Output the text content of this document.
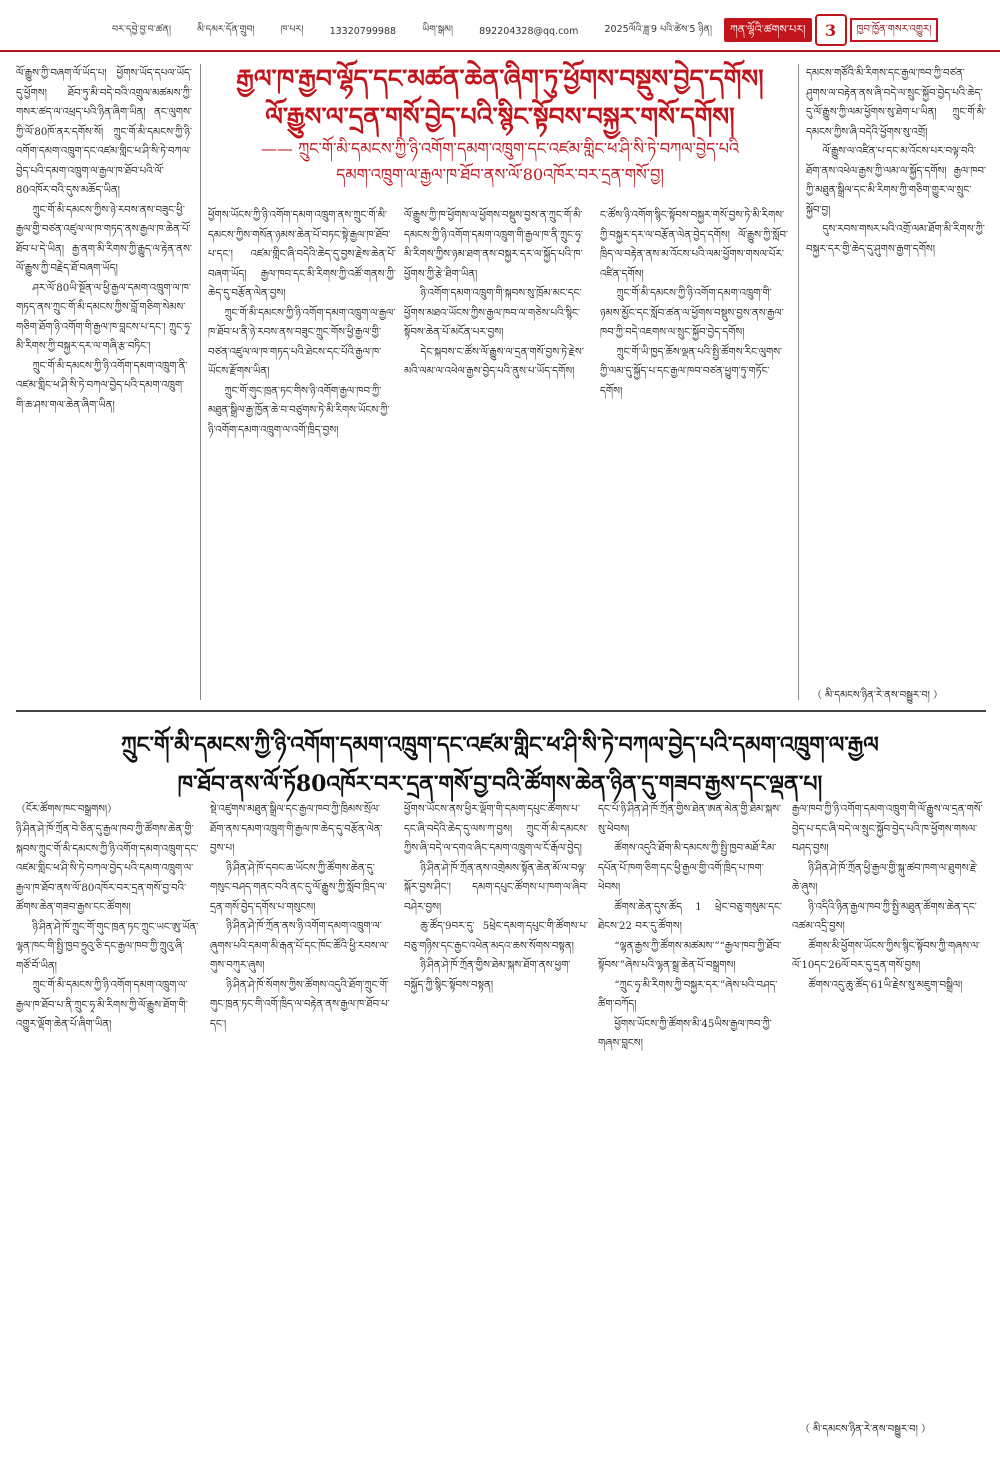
བར་དབྱེ་བྱ་བ་ཚན།	མི་དམར་དོན་གྲུབ།	ཁ་པར།	13320799988	ཡིག་སྒམ།	892204328@qq.com	2025ལོའི་ཟླ་9 པའི་ཚེས་5 ཉིན།	ཀན་ལྷོའི་ཚགས་པར།	3	ཁྱབ་ཁྱོན་གསར་འགྱུར།
རྒྱལ་ཁ་རྒྱབ་ལྷོད་དང་མཚན་ཆེན་ཞིག་ཏུ་ཕྱོགས་བསྡུས་བྱེད་དགོས།
ལོ་རྒྱུས་ལ་དྲན་གསོ་བྱེད་པའི་སྙིང་སྟོབས་བསྐྱར་གསོ་དགོས།
—— ཀྲུང་གོ་མི་དམངས་ཀྱི་ཉི་འགོག་དམག་འཁྲུག་དང་འཛམ་གླིང་ཕ་ཤི་སི་ཏེ་བཀལ་བྱེད་པའི
དམག་འཁྲུག་ལ་རྒྱལ་ཁ་ཐོབ་ནས་ལོ་80འཁོར་བར་དྲན་གསོ་བྱ།

ལོ་རྒྱུས་ཀྱི་བཞག་ལོ་ཡོད་པ། ཕྱོགས་ཡོད་དཔལ་ཡོད་དུ་ཕྱོགས། ཐོབ་ཏུ་མི་བདེ་བའི་འགྲུལ་མཚམས་ཀྱི་གསར་ཚད་ལ་འཕྲད་པའི་ཉིན་ཞིག་ཡིན། ནང་ལུགས་ཀྱི་ལོ་80ཁོ་ནར་དགོས་སོ། ཀྲུང་གོ་མི་དམངས་ཀྱི་ཉི་འགོག་དམག་འཁྲུག་དང་འཛམ་གླིང་ཕ་ཤི་སི་ཏེ་བཀལ་བྱེད་པའི་དམག་འཁྲུག་ལ་རྒྱལ་ཁ་ཐོབ་པའི་ལོ་80འཁོར་བའི་དུས་མཆོད་ཡིན།

ཀྲུང་གོ་མི་དམངས་ཀྱིས་ཉེ་རབས་ནས་བཟུང་ཕྱི་རྒྱལ་གྱི་བཙན་འཛུལ་ལ་ཁ་གཏད་ནས་རྒྱལ་ཁ་ཆེན་པོ་ཐོབ་པ་དེ་ཡིན། རྒྱ་ནག་མི་རིགས་ཀྱི་རྒྱུད་ལ་རྟེན་ནས་ལོ་རྒྱུས་ཀྱི་བརྗེད་ཐོ་བཞག་ཡོད།

ཤར་ལོ་80ཡི་སྔོན་ལ་ཕྱི་རྒྱལ་དམག་འཁྲུག་ལ་ཁ་གཏད་ནས་ཀྲུང་གོ་མི་དམངས་ཀྱིས་བློ་གཅིག་སེམས་གཅིག་ཐོག་ཉི་འགོག་གི་རྒྱལ་ཁ་བླངས་པ་དང་། ཀྲུང་ཧྭ་མི་རིགས་ཀྱི་བསྐྱར་དར་ལ་གཞི་རྩ་བཏིང་།

ཀྲུང་གོ་མི་དམངས་ཀྱི་ཉི་འགོག་དམག་འཁྲུག་ནི་འཛམ་གླིང་ཕ་ཤི་སི་ཏེ་བཀལ་བྱེད་པའི་དམག་འཁྲུག་གི་ཆ་ཤས་གལ་ཆེན་ཞིག་ཡིན།

ཕྱོགས་ཡོངས་ཀྱི་ཉི་འགོག་དམག་འཁྲུག་ནས་ཀྲུང་གོ་མི་དམངས་ཀྱིས་གསོན་ཉམས་ཆེན་པོ་བཏང་སྟེ་རྒྱལ་ཁ་ཐོབ་པ་དང་། འཛམ་གླིང་ཞི་བདེའི་ཆེད་དུ་བྱས་རྗེས་ཆེན་པོ་བཞག་ཡོད། རྒྱལ་ཁབ་དང་མི་རིགས་ཀྱི་འཚོ་གནས་ཀྱི་ཆེད་དུ་བརྩོན་ལེན་བྱས།

ཀྲུང་གོ་མི་དམངས་ཀྱི་ཉི་འགོག་དམག་འཁྲུག་ལ་རྒྱལ་ཁ་ཐོབ་པ་ནི་ཉེ་རབས་ནས་བཟུང་ཀྲུང་གོས་ཕྱི་རྒྱལ་གྱི་བཙན་འཛུལ་ལ་ཁ་གཏད་པའི་ཐེངས་དང་པོའི་རྒྱལ་ཁ་ཡོངས་རྫོགས་ཡིན།

ཀྲུང་གོ་གུང་ཁྲན་ཏང་གིས་ཉི་འགོག་རྒྱལ་ཁབ་ཀྱི་མཐུན་སྒྲིལ་རྒྱ་ཁྱོན་ཆེ་བ་བཙུགས་ཏེ་མི་རིགས་ཡོངས་ཀྱི་ཉི་འགོག་དམག་འཁྲུག་ལ་འགོ་ཁྲིད་བྱས།

ལོ་རྒྱུས་ཀྱི་ཁ་ཕྱོགས་ལ་ཕྱོགས་བསྡུས་བྱས་ན་ཀྲུང་གོ་མི་དམངས་ཀྱི་ཉི་འགོག་དམག་འཁྲུག་གི་རྒྱལ་ཁ་ནི་ཀྲུང་ཧྭ་མི་རིགས་ཀྱིས་ཉམ་ཐག་ནས་བསྐྱར་དར་ལ་སྐྱོད་པའི་ཁ་ཕྱོགས་ཀྱི་རྩེ་ཐིག་ཡིན།

ཉི་འགོག་དམག་འཁྲུག་གི་སྐབས་སུ་ཁྲོམ་མང་དང་ཕྱོགས་མཐའ་ཡོངས་ཀྱིས་རྒྱལ་ཁབ་ལ་གཅེས་པའི་སྙིང་སྟོབས་ཆེན་པོ་མངོན་པར་བྱས།

དེང་སྐབས་ང་ཚོས་ལོ་རྒྱུས་ལ་དྲན་གསོ་བྱས་ཏེ་རྗེས་མའི་ལམ་ལ་འཕེལ་རྒྱས་བྱེད་པའི་ནུས་པ་ཡོད་དགོས།

ང་ཚོས་ཉི་འགོག་སྙིང་སྟོབས་བསྐྱར་གསོ་བྱས་ཏེ་མི་རིགས་ཀྱི་བསྐྱར་དར་ལ་བརྩོན་ལེན་བྱེད་དགོས། ལོ་རྒྱུས་ཀྱི་སློབ་ཁྲིད་ལ་བརྟེན་ནས་མ་འོངས་པའི་ལམ་ཕྱོགས་གསལ་པོར་འཛིན་དགོས།

ཀྲུང་གོ་མི་དམངས་ཀྱི་ཉི་འགོག་དམག་འཁྲུག་གི་ཉམས་མྱོང་དང་སློབ་ཚན་ལ་ཕྱོགས་བསྡུས་བྱས་ནས་རྒྱལ་ཁབ་ཀྱི་བདེ་འཇགས་ལ་སྲུང་སྐྱོབ་བྱེད་དགོས།

ཀྲུང་གོ་ཡི་ཁྱད་ཆོས་ལྡན་པའི་སྤྱི་ཚོགས་རིང་ལུགས་ཀྱི་ལམ་དུ་སྐྱོད་པ་དང་རྒྱལ་ཁབ་བཙན་ཕྱུག་ཏུ་གཏོང་དགོས།

དམངས་གཙོའི་མི་རིགས་དང་རྒྱལ་ཁབ་ཀྱི་བཙན་ཤུགས་ལ་བརྟེན་ནས་ཞི་བདེ་ལ་སྲུང་སྐྱོབ་བྱེད་པའི་ཆེད་དུ་ལོ་རྒྱུས་ཀྱི་ལམ་ཕྱོགས་སུ་ཐེག་པ་ཡིན། ཀྲུང་གོ་མི་དམངས་ཀྱིས་ཞི་བདེའི་ཕྱོགས་སུ་འགྲོ།

ལོ་རྒྱུས་ལ་འཛིན་པ་དང་མ་འོངས་པར་བལྟ་བའི་ཐོག་ནས་འཕེལ་རྒྱས་ཀྱི་ལམ་ལ་སྐྱོད་དགོས། རྒྱལ་ཁབ་ཀྱི་མཐུན་སྒྲིལ་དང་མི་རིགས་ཀྱི་གཅིག་གྱུར་ལ་སྲུང་སྐྱོབ་བྱ།

དུས་རབས་གསར་པའི་འགྲོ་ལམ་ཐོག་མི་རིགས་ཀྱི་བསྐྱར་དར་གྱི་ཆེད་དུ་ཤུགས་རྒྱག་དགོས།

（ མི་དམངས་ཉིན་རེ་ནས་བསྒྱུར་བ། ）
ཀྲུང་གོ་མི་དམངས་ཀྱི་ཉི་འགོག་དམག་འཁྲུག་དང་འཛམ་གླིང་ཕ་ཤི་སི་ཏེ་བཀལ་བྱེད་པའི་དམག་འཁྲུག་ལ་རྒྱལ
ཁ་ཐོབ་ནས་ལོ་ཏོ80འཁོར་བར་དྲན་གསོ་བྱ་བའི་ཚོགས་ཆེན་ཉིན་དུ་གཟབ་རྒྱས་དང་ལྡན་པ།
（ངོར་ཚོགས་ཁང་བསྒྲགས།）

ཉི་ཤིན་ཤེ་ཁོ་ཀྲོན་བེ་ཅིན་དུ་རྒྱལ་ཁབ་ཀྱི་ཚོགས་ཆེན་གྱི་སྐབས་ཀྲུང་གོ་མི་དམངས་ཀྱི་ཉི་འགོག་དམག་འཁྲུག་དང་འཛམ་གླིང་ཕ་ཤི་སི་ཏེ་བཀལ་བྱེད་པའི་དམག་འཁྲུག་ལ་རྒྱལ་ཁ་ཐོབ་ནས་ལོ་80འཁོར་བར་དྲན་གསོ་བྱ་བའི་ཚོགས་ཆེན་གཟབ་རྒྱས་ངང་ཚོགས།

ཉི་ཤིན་ཤེ་ཁོ་ཀྲུང་གོ་གུང་ཁྲན་ཏང་ཀྲུང་ཡང་ཨུ་ཡོན་ལྷན་ཁང་གི་སྤྱི་ཁྱབ་ཧྲུའུ་ཅི་དང་རྒྱལ་ཁབ་ཀྱི་ཀྲུའུ་ཞི་གཙོ་བོ་ཡིན།

ཀྲུང་གོ་མི་དམངས་ཀྱི་ཉི་འགོག་དམག་འཁྲུག་ལ་རྒྱལ་ཁ་ཐོབ་པ་ནི་ཀྲུང་ཧྭ་མི་རིགས་ཀྱི་ལོ་རྒྱུས་ཐོག་གི་འགྱུར་ལྡོག་ཆེན་པོ་ཞིག་ཡིན།

སྡེ་འཛུགས་མཐུན་སྒྲིལ་དང་རྒྱལ་ཁབ་ཀྱི་ཁྲིམས་སྲོལ་ཐོག་ནས་དམག་འཁྲུག་གི་རྒྱལ་ཁ་ཆེད་དུ་བརྩོན་ལེན་བྱས་པ།

ཉི་ཤིན་ཤེ་ཁོ་དབང་ཆ་ཡོངས་ཀྱི་ཚོགས་ཆེན་དུ་གསུང་བཤད་གནང་བའི་ནང་དུ་ལོ་རྒྱུས་ཀྱི་སློབ་ཁྲིད་ལ་དྲན་གསོ་བྱེད་དགོས་པ་གསུངས།

ཉི་ཤིན་ཤེ་ཁོ་ཀྲོན་ནས་ཉི་འགོག་དམག་འཁྲུག་ལ་ཞུགས་པའི་དམག་མི་རྒན་པོ་དང་ཁོང་ཚོའི་ཕྱི་རབས་ལ་གུས་བཀུར་ཞུས།

ཉི་ཤིན་ཤེ་ཁོ་སོགས་ཀྱིས་ཚོགས་འདུའི་ཐོག་ཀྲུང་གོ་གུང་ཁྲན་ཏང་གི་འགོ་ཁྲིད་ལ་བརྟེན་ནས་རྒྱལ་ཁ་ཐོབ་པ་དང་།

ཕྱོགས་ཡོངས་ནས་ཕྱིར་ལྡོག་གི་དམག་དཔུང་ཚོགས་པ་དང་ཞི་བདེའི་ཆེད་དུ་ལས་ཀ་བྱས། ཀྲུང་གོ་མི་དམངས་ཀྱིས་ཞི་བདེ་ལ་དགའ་ཞིང་དམག་འཁྲུག་ལ་ངོ་རྒོལ་བྱེད།

ཉི་ཤིན་ཤེ་ཁོ་ཀྲོན་ནས་འགྲེམས་སྟོན་ཆེན་མོ་ལ་བལྟ་སྐོར་བྱས་ཤིང་། དམག་དཔུང་ཚོགས་པ་ཁག་ལ་ཞིབ་བཤེར་བྱས།

ཆུ་ཚོད་9བར་དུ་ 5ཕྲེང་དམག་དཔུང་གི་ཚོགས་པ་བཅུ་གཉིས་དང་རྒྱང་འཕེན་མདའ་ཆས་སོགས་བསྟན།

ཉི་ཤིན་ཤེ་ཁོ་ཀྲོན་གྱིས་ཐེམ་སྐས་ཐོག་ནས་ཕྱག་བསྐྱོད་ཀྱི་སྙིང་སྟོབས་བསྟན།

དང་པོ་ཉི་ཤིན་ཤེ་ཁོ་ཀྲོན་གྱིས་ཐེན་ཨན་མེན་གྱི་ཐེམ་སྐས་སུ་ཕེབས།

ཚོགས་འདུའི་ཐོག་མི་དམངས་ཀྱི་སྤྱི་ཁྱབ་མཐོ་རིམ་དཔོན་པོ་ཁག་ཅིག་དང་ཕྱི་རྒྱལ་གྱི་འགོ་ཁྲིད་པ་ཁག་ཕེབས།

ཚོགས་ཆེན་དུས་ཚོད 1 ཕྲེང་བཅུ་གསུམ་དང་ཐེངས་22 བར་དུ་ཚོགས།

“ལྷན་རྒྱས་ཀྱི་ཚོགས་མཚམས་”“རྒྱལ་ཁབ་ཀྱི་ཐོབ་སྟོབས་”ཞེས་པའི་ལྷན་སྒྲ་ཆེན་པོ་བསྒྲགས།

“ཀྲུང་ཧྭ་མི་རིགས་ཀྱི་བསྐྱར་དར་”ཞེས་པའི་བཤད་ཚིག་བཀོད།

ཕྱོགས་ཡོངས་ཀྱི་ཚོགས་མི་45ཡིས་རྒྱལ་ཁབ་ཀྱི་གཞས་བླངས།

རྒྱལ་ཁབ་ཀྱི་ཉི་འགོག་དམག་འཁྲུག་གི་ལོ་རྒྱུས་ལ་དྲན་གསོ་བྱེད་པ་དང་ཞི་བདེ་ལ་སྲུང་སྐྱོབ་བྱེད་པའི་ཁ་ཕྱོགས་གསལ་བཤད་བྱས།

ཉི་ཤིན་ཤེ་ཁོ་ཀྲོན་ཕྱི་རྒྱལ་གྱི་སྐུ་ཚབ་ཁག་ལ་ཐུགས་རྗེ་ཆེ་ཞུས།

ཉི་འདིའི་ཉིན་རྒྱལ་ཁབ་ཀྱི་སྤྱི་མཐུན་ཚོགས་ཆེན་དང་འཚམ་འདྲི་བྱས།

ཚོགས་མི་ཕྱོགས་ཡོངས་ཀྱིས་སྙིང་སྟོབས་ཀྱི་གཞས་ལ་ལོ་10དང་26ལོ་བར་དུ་དྲན་གསོ་བྱས།

ཚོགས་འདུ་ཆུ་ཚོད་61ཡི་རྗེས་སུ་མཇུག་བསྒྲིལ།

（ མི་དམངས་ཉིན་རེ་ནས་བསྒྱུར་བ། ）
